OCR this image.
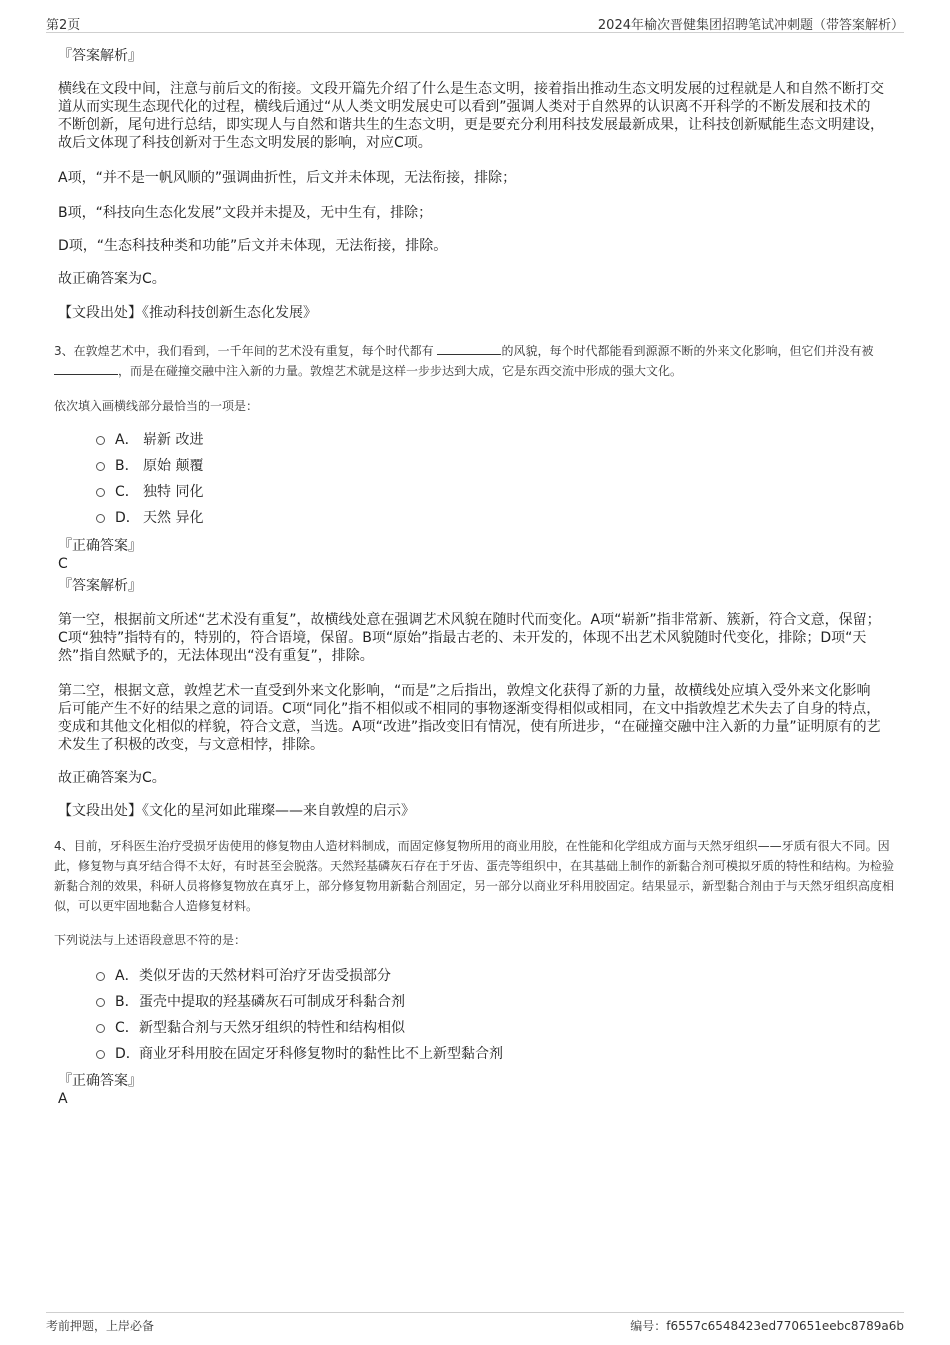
第2页	2024年榆次晋健集团招聘笔试冲刺题（带答案解析）

『答案解析』

横线在文段中间，注意与前后文的衔接。文段开篇先介绍了什么是生态文明，接着指出推动生态文明发展的过程就是人和自然不断打交道从而实现生态现代化的过程，横线后通过“从人类文明发展史可以看到”强调人类对于自然界的认识离不开科学的不断发展和技术的不断创新，尾句进行总结，即实现人与自然和谐共生的生态文明，更是要充分利用科技发展最新成果，让科技创新赋能生态文明建设，故后文体现了科技创新对于生态文明发展的影响，对应C项。

A项，“并不是一帆风顺的”强调曲折性，后文并未体现，无法衔接，排除；

B项，“科技向生态化发展”文段并未提及，无中生有，排除；

D项，“生态科技种类和功能”后文并未体现，无法衔接，排除。

故正确答案为C。

【文段出处】《推动科技创新生态化发展》

3、在敦煌艺术中，我们看到，一千年间的艺术没有重复，每个时代都有	的风貌，每个时代都能看到源源不断的外来文化影响，但它们并没有被 ，而是在碰撞交融中注入新的力量。敦煌艺术就是这样一步步达到大成，它是东西交流中形成的强大文化。

依次填入画横线部分最恰当的一项是：

A． 崭新 改进
B． 原始 颠覆
C． 独特 同化
D． 天然 异化

『正确答案』

C

『答案解析』

第一空，根据前文所述“艺术没有重复”，故横线处意在强调艺术风貌在随时代而变化。A项“崭新”指非常新、簇新，符合文意，保留；C项“独特”指特有的，特别的，符合语境，保留。B项“原始”指最古老的、未开发的，体现不出艺术风貌随时代变化，排除；D项“天然”指自然赋予的，无法体现出“没有重复”，排除。

第二空，根据文意，敦煌艺术一直受到外来文化影响，“而是”之后指出，敦煌文化获得了新的力量，故横线处应填入受外来文化影响后可能产生不好的结果之意的词语。C项“同化”指不相似或不相同的事物逐渐变得相似或相同，在文中指敦煌艺术失去了自身的特点，变成和其他文化相似的样貌，符合文意，当选。A项“改进”指改变旧有情况，使有所进步，“在碰撞交融中注入新的力量”证明原有的艺术发生了积极的改变，与文意相悖，排除。

故正确答案为C。

【文段出处】《文化的星河如此璀璨——来自敦煌的启示》

4、目前，牙科医生治疗受损牙齿使用的修复物由人造材料制成，而固定修复物所用的商业用胶，在性能和化学组成方面与天然牙组织——牙质有很大不同。因此，修复物与真牙结合得不太好，有时甚至会脱落。天然羟基磷灰石存在于牙齿、蛋壳等组织中，在其基础上制作的新黏合剂可模拟牙质的特性和结构。为检验新黏合剂的效果，科研人员将修复物放在真牙上，部分修复物用新黏合剂固定，另一部分以商业牙科用胶固定。结果显示，新型黏合剂由于与天然牙组织高度相似，可以更牢固地黏合人造修复材料。

下列说法与上述语段意思不符的是：

A． 类似牙齿的天然材料可治疗牙齿受损部分
B． 蛋壳中提取的羟基磷灰石可制成牙科黏合剂
C． 新型黏合剂与天然牙组织的特性和结构相似
D． 商业牙科用胶在固定牙科修复物时的黏性比不上新型黏合剂

『正确答案』

A

考前押题，上岸必备	编号：f6557c6548423ed770651eebc8789a6b
